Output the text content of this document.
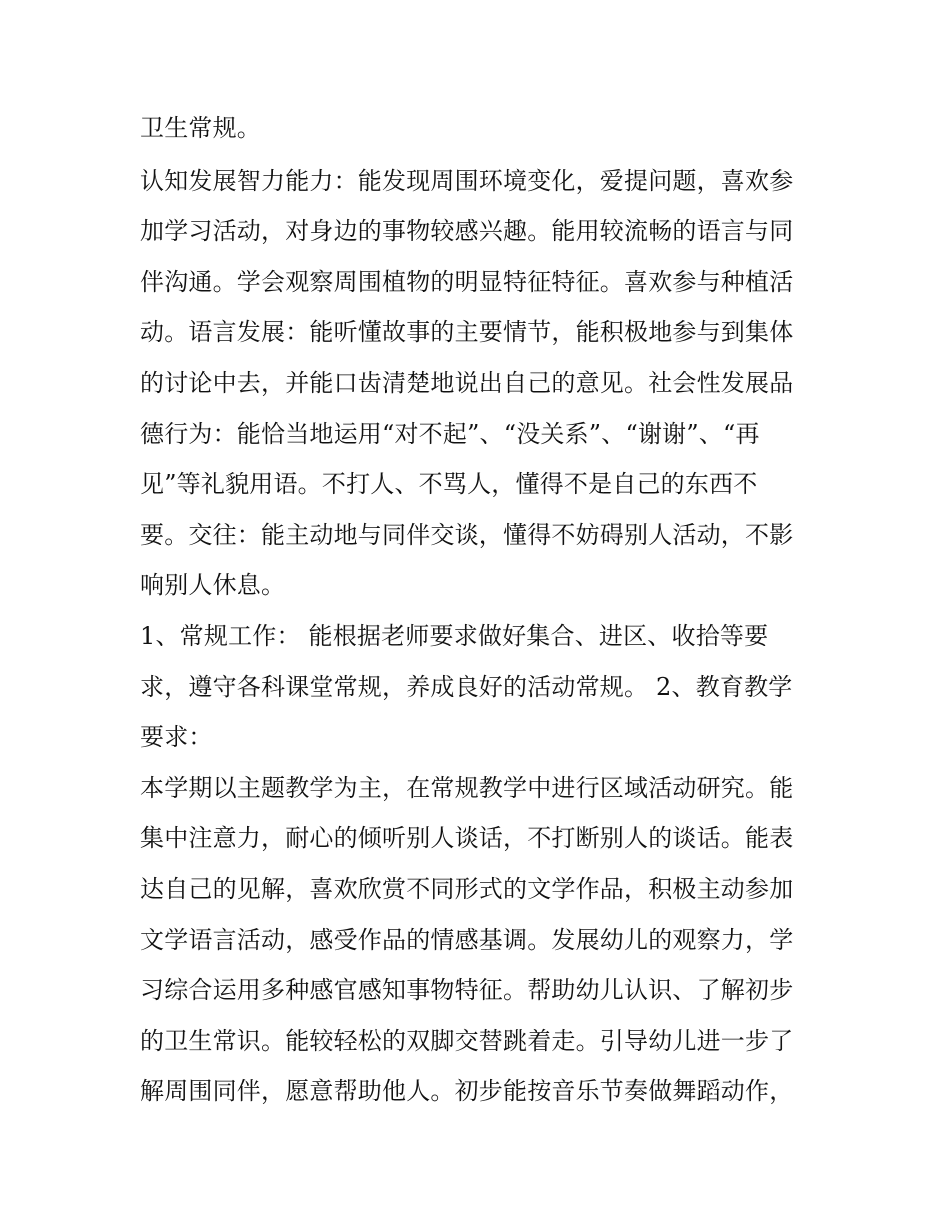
卫生常规。
认知发展智力能力：能发现周围环境变化，爱提问题，喜欢参
加学习活动，对身边的事物较感兴趣。能用较流畅的语言与同
伴沟通。学会观察周围植物的明显特征特征。喜欢参与种植活
动。语言发展：能听懂故事的主要情节，能积极地参与到集体
的讨论中去，并能口齿清楚地说出自己的意见。社会性发展品
德行为：能恰当地运用“对不起”、“没关系”、“谢谢”、“再
见”等礼貌用语。不打人、不骂人，懂得不是自己的东西不
要。交往：能主动地与同伴交谈，懂得不妨碍别人活动，不影
响别人休息。
1、常规工作： 能根据老师要求做好集合、进区、收拾等要
求，遵守各科课堂常规，养成良好的活动常规。 2、教育教学
要求：
本学期以主题教学为主，在常规教学中进行区域活动研究。能
集中注意力，耐心的倾听别人谈话，不打断别人的谈话。能表
达自己的见解，喜欢欣赏不同形式的文学作品，积极主动参加
文学语言活动，感受作品的情感基调。发展幼儿的观察力，学
习综合运用多种感官感知事物特征。帮助幼儿认识、了解初步
的卫生常识。能较轻松的双脚交替跳着走。引导幼儿进一步了
解周围同伴，愿意帮助他人。初步能按音乐节奏做舞蹈动作，
